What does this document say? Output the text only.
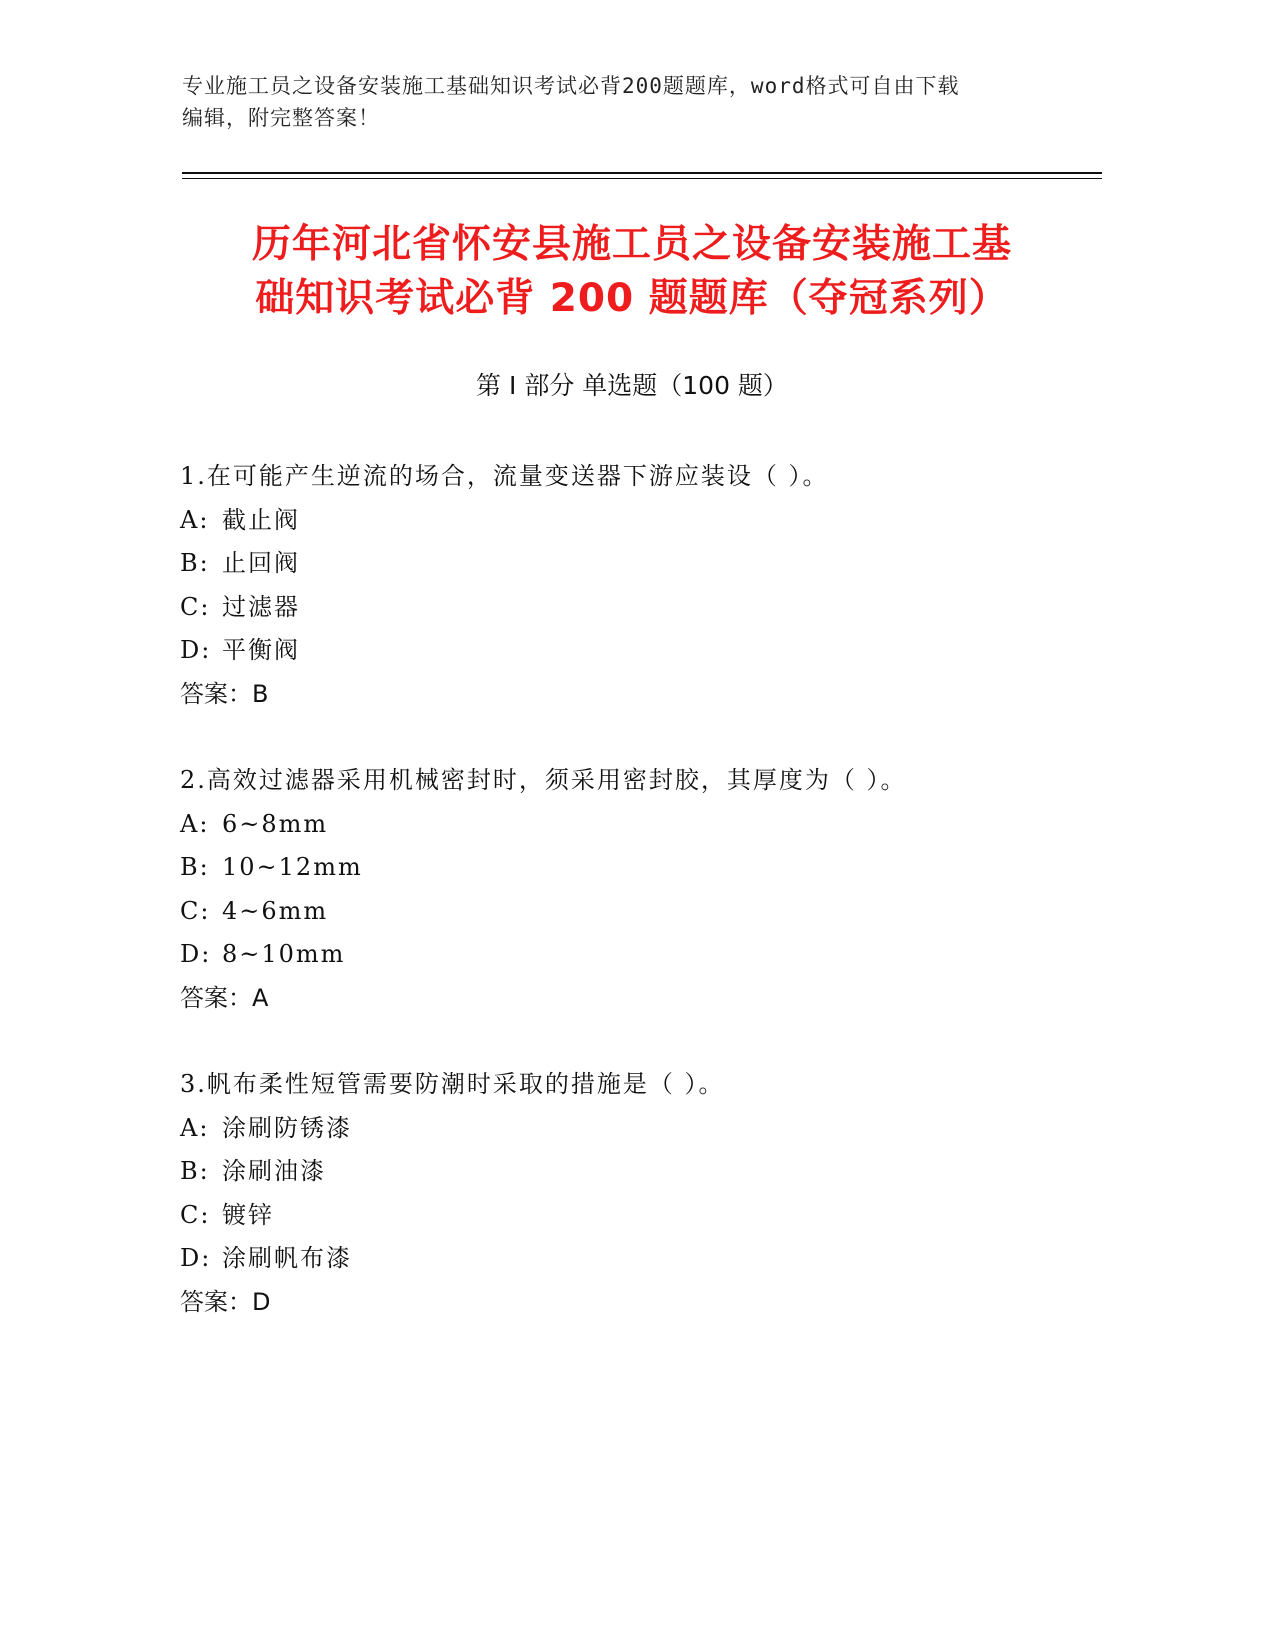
专业施工员之设备安装施工基础知识考试必背200题题库，word格式可自由下载
编辑，附完整答案！
历年河北省怀安县施工员之设备安装施工基
础知识考试必背 200 题题库（夺冠系列）
第 I 部分 单选题（100 题）
1.在可能产生逆流的场合，流量变送器下游应装设（ ）。
A: 截止阀
B: 止回阀
C: 过滤器
D: 平衡阀
答案：B
2.高效过滤器采用机械密封时，须采用密封胶，其厚度为（ ）。
A: 6~8mm
B: 10~12mm
C: 4~6mm
D: 8~10mm
答案：A
3.帆布柔性短管需要防潮时采取的措施是（ ）。
A: 涂刷防锈漆
B: 涂刷油漆
C: 镀锌
D: 涂刷帆布漆
答案：D
